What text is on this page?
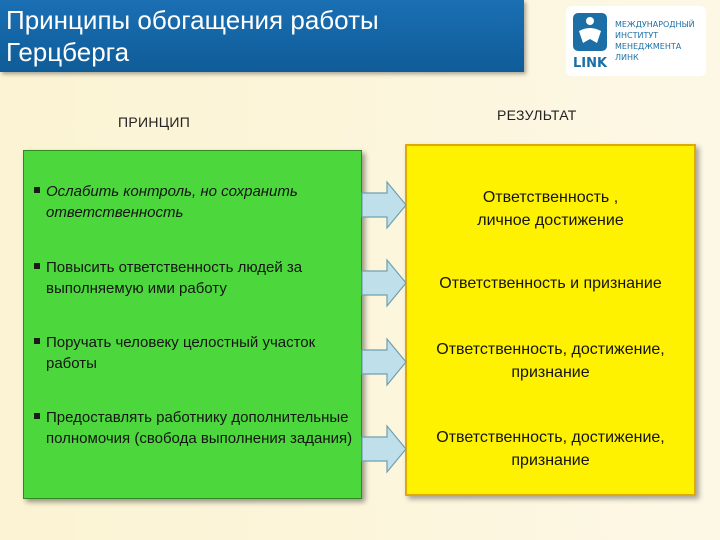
Принципы обогащения работы
Герцберга	LINK
МЕЖДУНАРОДНЫЙ
ИНСТИТУТ
МЕНЕДЖМЕНТА
ЛИНК
ПРИНЦИП	РЕЗУЛЬТАТ
Ослабить контроль, но сохранить ответственность
Повысить ответственность людей за выполняемую ими работу
Поручать человеку целостный участок работы
Предоставлять работнику дополнительные полномочия (свобода выполнения задания)
Ответственность ,
личное достижение
Ответственность и признание
Ответственность, достижение,
признание
Ответственность, достижение,
признание
